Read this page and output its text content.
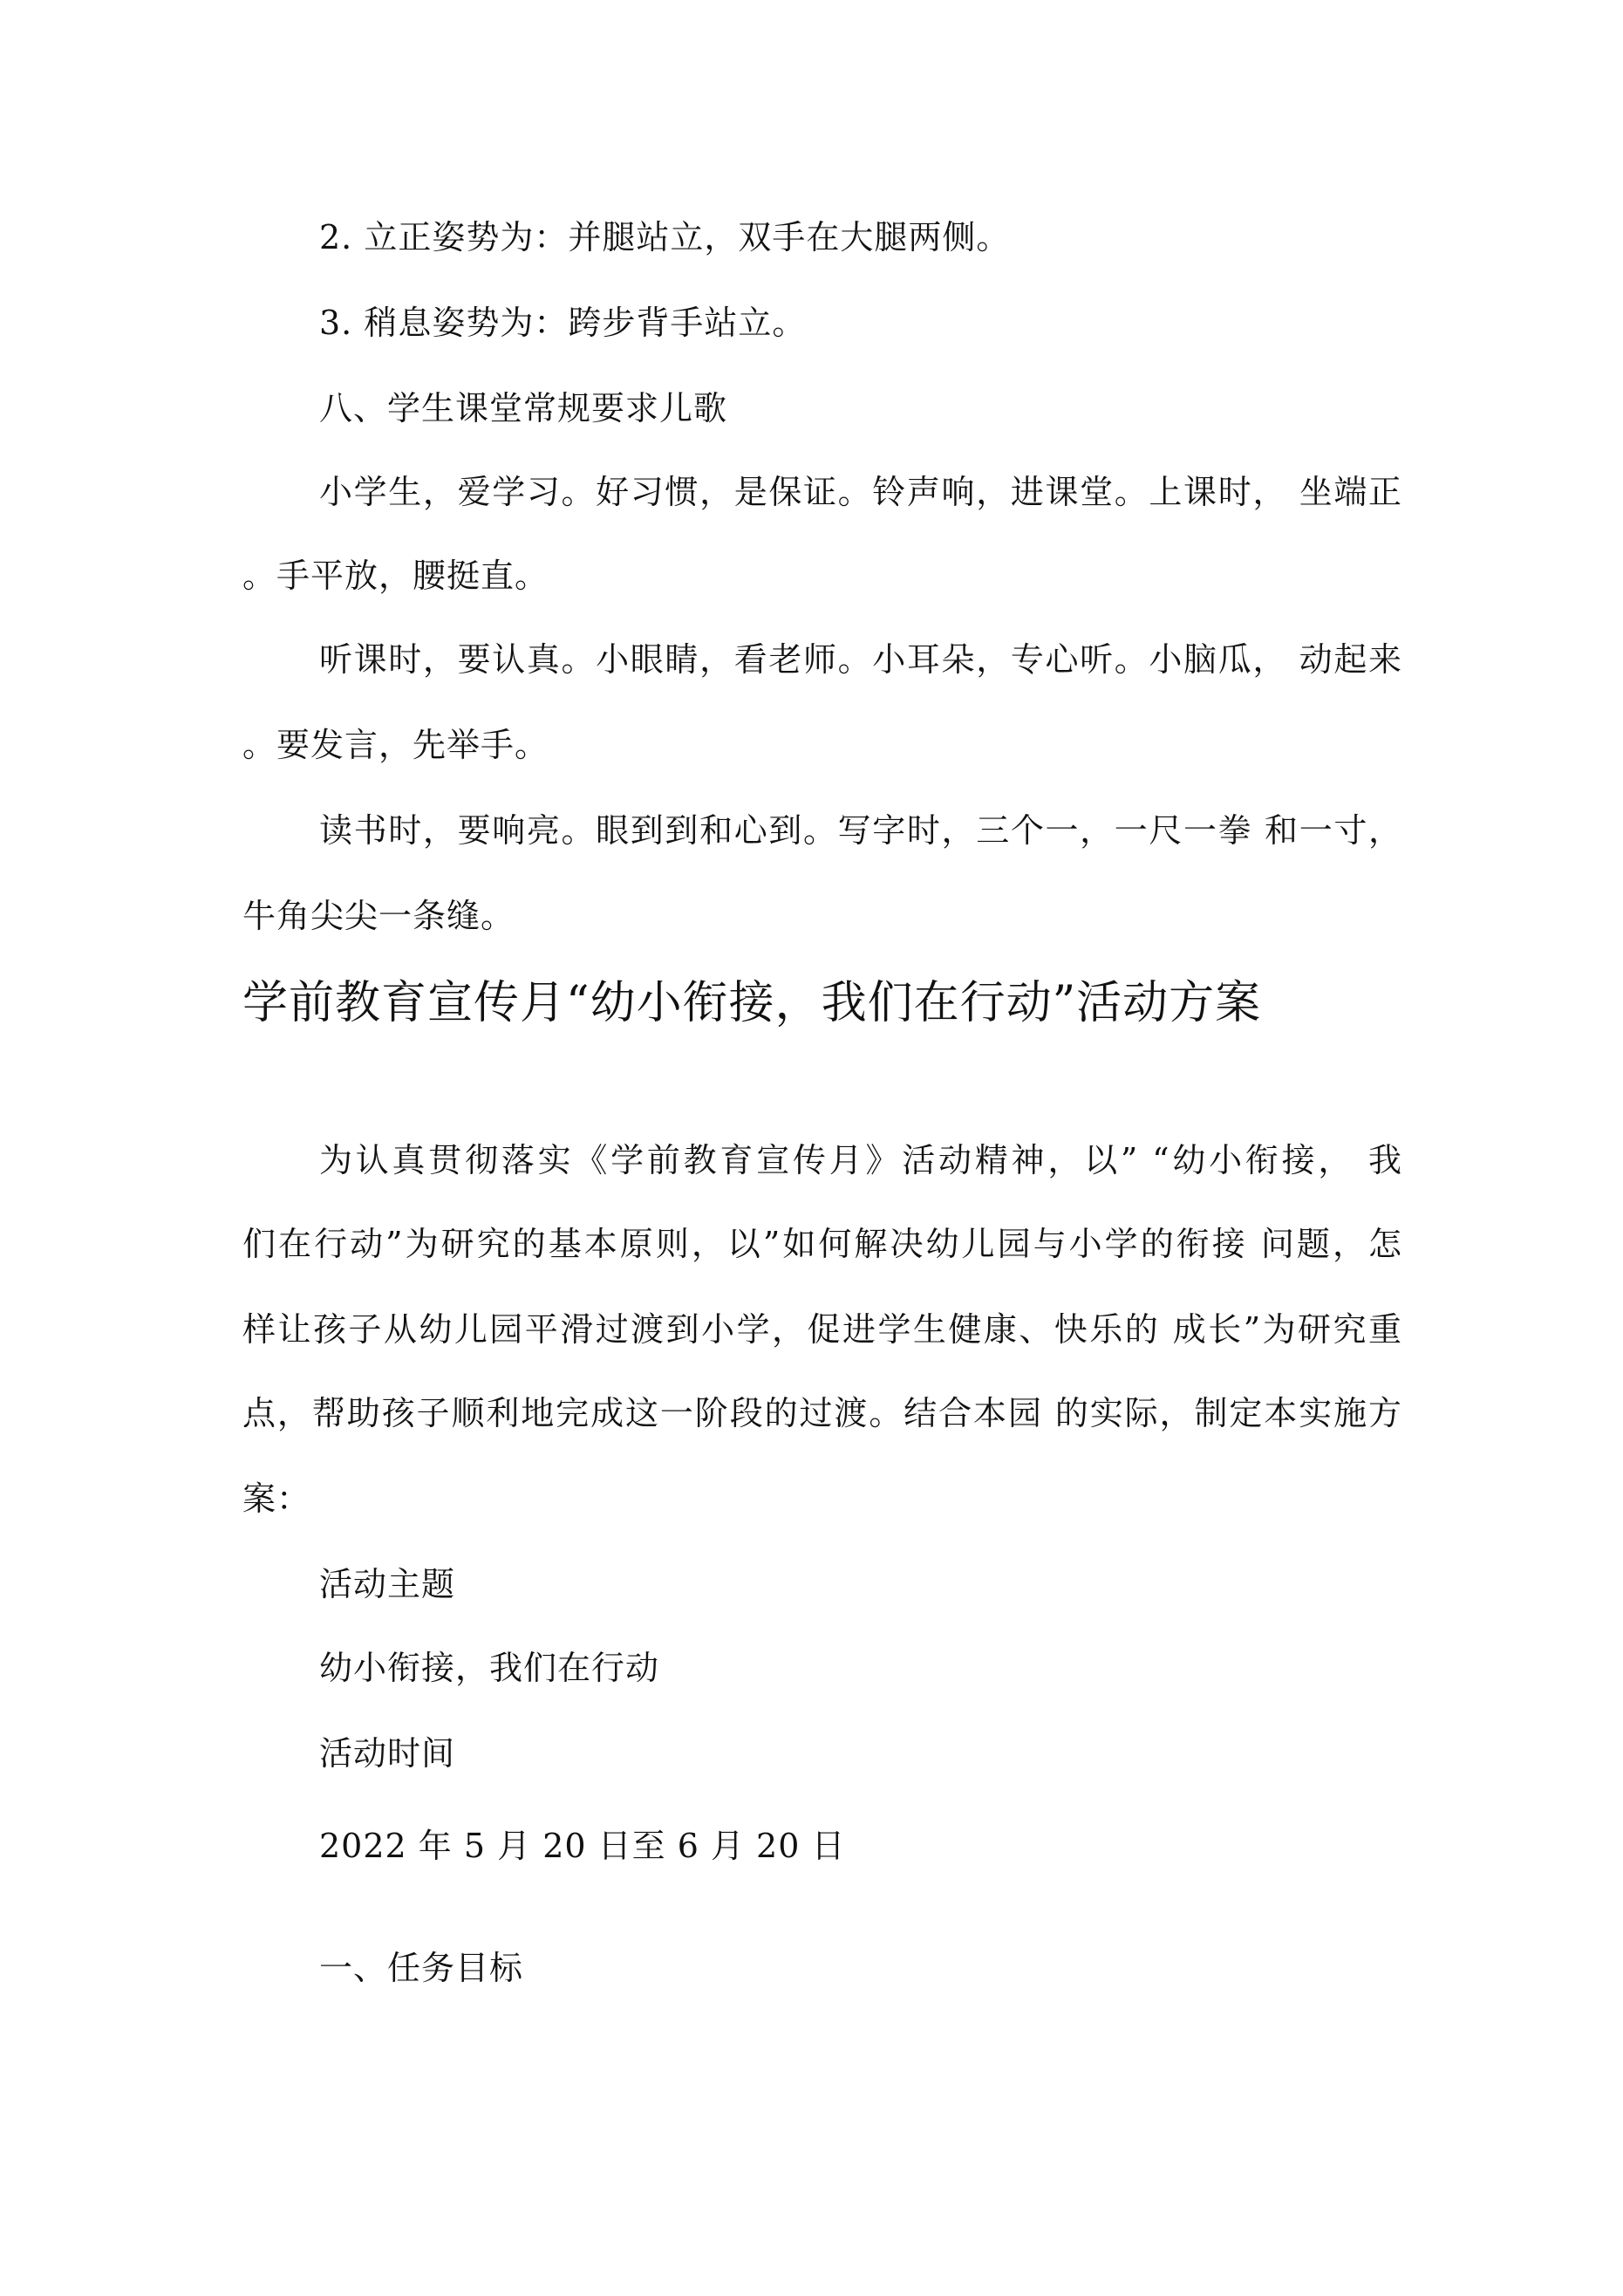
2. 立正姿势为：并腿站立，双手在大腿两侧。
3. 稍息姿势为：跨步背手站立。
八、学生课堂常规要求儿歌
小学生，爱学习。好习惯，是保证。铃声响，进课堂。上课时， 坐端正
。手平放，腰挺直。
听课时，要认真。小眼睛，看老师。小耳朵，专心听。小脑瓜， 动起来
。要发言，先举手。
读书时，要响亮。眼到到和心到。写字时，三个一，一尺一拳 和一寸，
牛角尖尖一条缝。
学前教育宣传月“幼小衔接，我们在行动”活动方案
为认真贯彻落实《学前教育宣传月》活动精神，以” “幼小衔接， 我
们在行动”为研究的基本原则，以”如何解决幼儿园与小学的衔接 问题，怎
样让孩子从幼儿园平滑过渡到小学，促进学生健康、快乐的 成长”为研究重
点，帮助孩子顺利地完成这一阶段的过渡。结合本园 的实际，制定本实施方
案：
活动主题
幼小衔接，我们在行动
活动时间
2022 年 5 月 20 日至 6 月 20 日
一、任务目标
